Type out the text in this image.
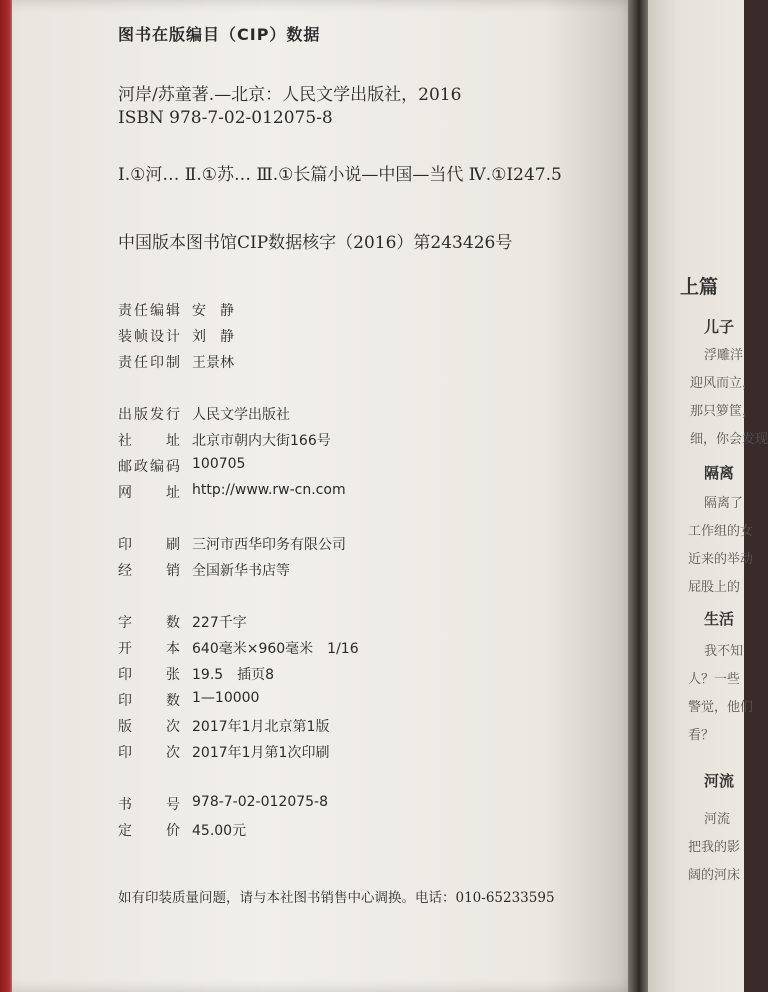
图书在版编目（CIP）数据
河岸/苏童著.—北京：人民文学出版社，2016
ISBN 978-7-02-012075-8
Ⅰ.①河… Ⅱ.①苏… Ⅲ.①长篇小说—中国—当代 Ⅳ.①I247.5
中国版本图书馆CIP数据核字（2016）第243426号
责任编辑 安　静
装帧设计 刘　静
责任印制 王景林
出版发行 人民文学出版社
社　址 北京市朝内大街166号
邮政编码 100705
网　址 http://www.rw-cn.com
印　刷 三河市西华印务有限公司
经　销 全国新华书店等
字　数 227千字
开　本 640毫米×960毫米　1/16
印　张 19.5　插页8
印　数 1—10000
版　次 2017年1月北京第1版
印　次 2017年1月第1次印刷
书　号 978-7-02-012075-8
如有印装质量问题，请与本社图书销售中心调换。电话：010-65233595
定　价 45.00元
上篇
儿子
浮雕洋
迎风而立，
那只箩筐，
细，你会发现
隔离
隔离了
工作组的女
近来的举动
屁股上的
生活
我不知
人？一些
警觉，他们
看？
河流
河流
把我的影
阔的河床
